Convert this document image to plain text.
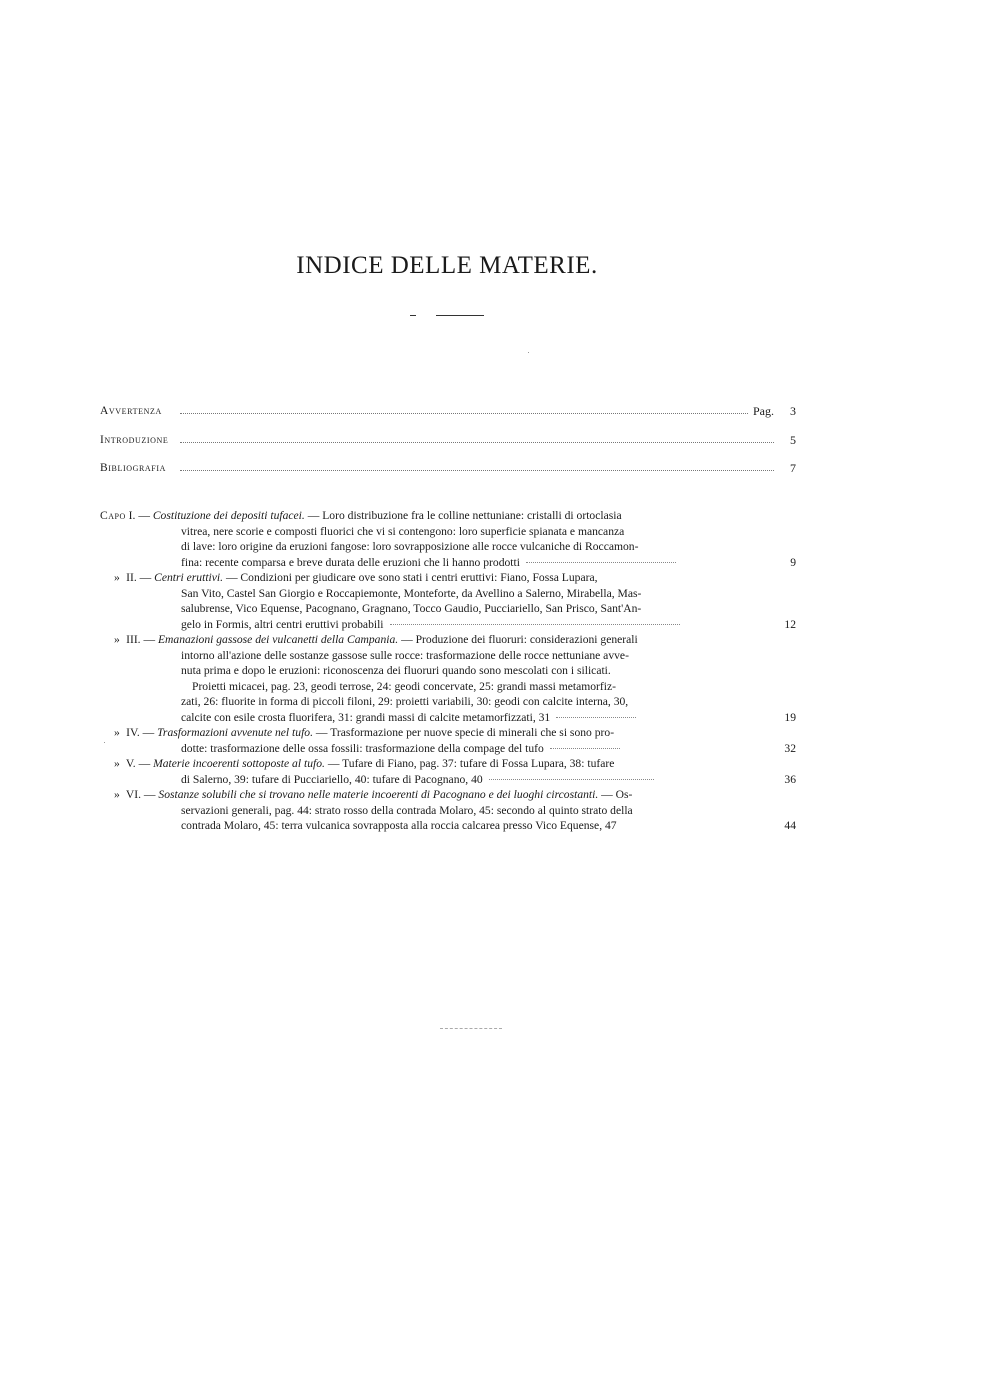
INDICE DELLE MATERIE.
Avvertenza	Pag.	3
Introduzione	5
Bibliografia	7
Capo I. — Costituzione dei depositi tufacei. — Loro distribuzione fra le colline nettuniane: cristalli di ortoclasia
vitrea, nere scorie e composti fluorici che vi si contengono: loro superficie spianata e mancanza
di lave: loro origine da eruzioni fangose: loro sovrapposizione alle rocce vulcaniche di Roccamon-
fina: recente comparsa e breve durata delle eruzioni che li hanno prodotti	9
» II. — Centri eruttivi. — Condizioni per giudicare ove sono stati i centri eruttivi: Fiano, Fossa Lupara,
San Vito, Castel San Giorgio e Roccapiemonte, Monteforte, da Avellino a Salerno, Mirabella, Mas-
salubrense, Vico Equense, Pacognano, Gragnano, Tocco Gaudio, Pucciariello, San Prisco, Sant'An-
gelo in Formis, altri centri eruttivi probabili	12
» III. — Emanazioni gassose dei vulcanetti della Campania. — Produzione dei fluoruri: considerazioni generali
intorno all'azione delle sostanze gassose sulle rocce: trasformazione delle rocce nettuniane avve-
nuta prima e dopo le eruzioni: riconoscenza dei fluoruri quando sono mescolati con i silicati.
Proietti micacei, pag. 23, geodi terrose, 24: geodi concervate, 25: grandi massi metamorfiz-
zati, 26: fluorite in forma di piccoli filoni, 29: proietti variabili, 30: geodi con calcite interna, 30,
calcite con esile crosta fluorifera, 31: grandi massi di calcite metamorfizzati, 31	19
» IV. — Trasformazioni avvenute nel tufo. — Trasformazione per nuove specie di minerali che si sono pro-
dotte: trasformazione delle ossa fossili: trasformazione della compage del tufo	32
» V. — Materie incoerenti sottoposte al tufo. — Tufare di Fiano, pag. 37: tufare di Fossa Lupara, 38: tufare
di Salerno, 39: tufare di Pucciariello, 40: tufare di Pacognano, 40	36
» VI. — Sostanze solubili che si trovano nelle materie incoerenti di Pacognano e dei luoghi circostanti. — Os-
servazioni generali, pag. 44: strato rosso della contrada Molaro, 45: secondo al quinto strato della
contrada Molaro, 45: terra vulcanica sovrapposta alla roccia calcarea presso Vico Equense, 47	44
